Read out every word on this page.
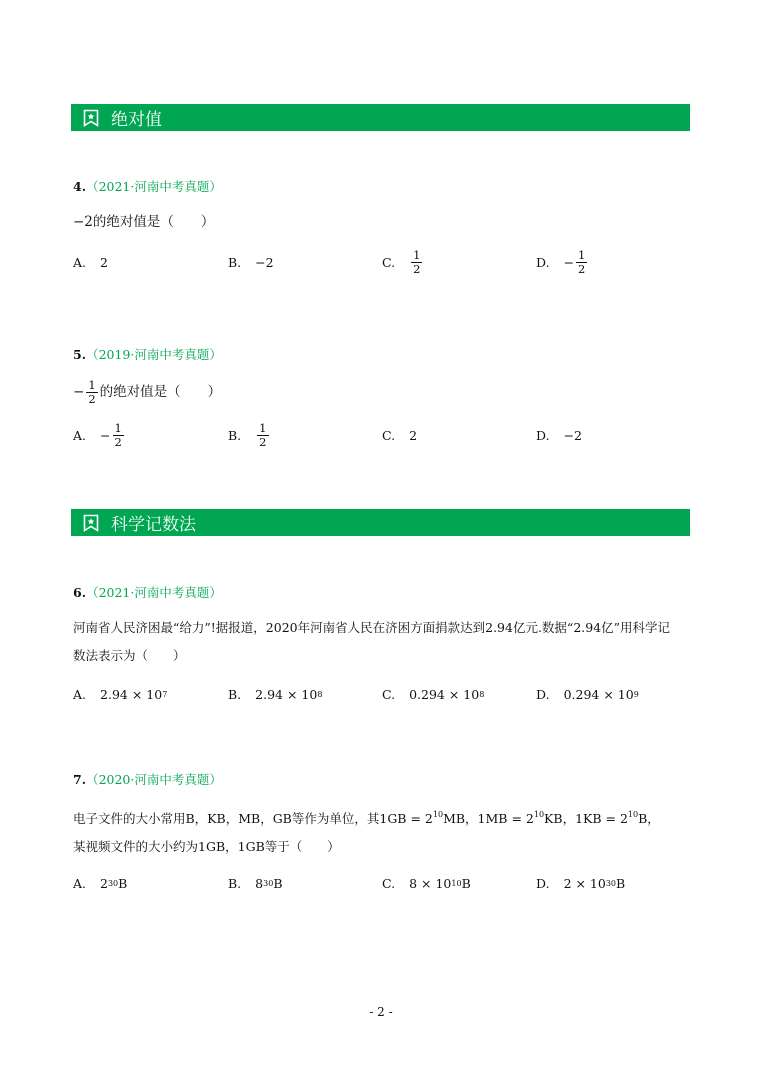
绝对值
4.（2021·河南中考真题）
−2的绝对值是（　　）
A. 2	B. −2	C. $\frac{1}{2}$	D. − $\frac{1}{2}$
5.（2019·河南中考真题）
− $\frac{1}{2}$ 的绝对值是（　　）
A. − $\frac{1}{2}$	B. $\frac{1}{2}$	C. 2	D. −2
科学记数法
6.（2021·河南中考真题）
河南省人民济困最“给力”!据报道，2020年河南省人民在济困方面捐款达到2.94亿元.数据“2.94亿”用科学记
数法表示为（　　）
A. 2.94 × 10 7	B. 2.94 × 10 8	C. 0.294 × 10 8	D. 0.294 × 10 9
7.（2020·河南中考真题）
电子文件的大小常用B，KB，MB，GB等作为单位，其$1GB = 2^{10}MB$，$1MB = 2^{10}KB$，$1KB = 2^{10}B$，
某视频文件的大小约为1GB，1GB等于（　　）
A. 2 30 B	B. 8 30 B	C. 8 × 10 10 B	D. 2 × 10 30 B
- 2 -
